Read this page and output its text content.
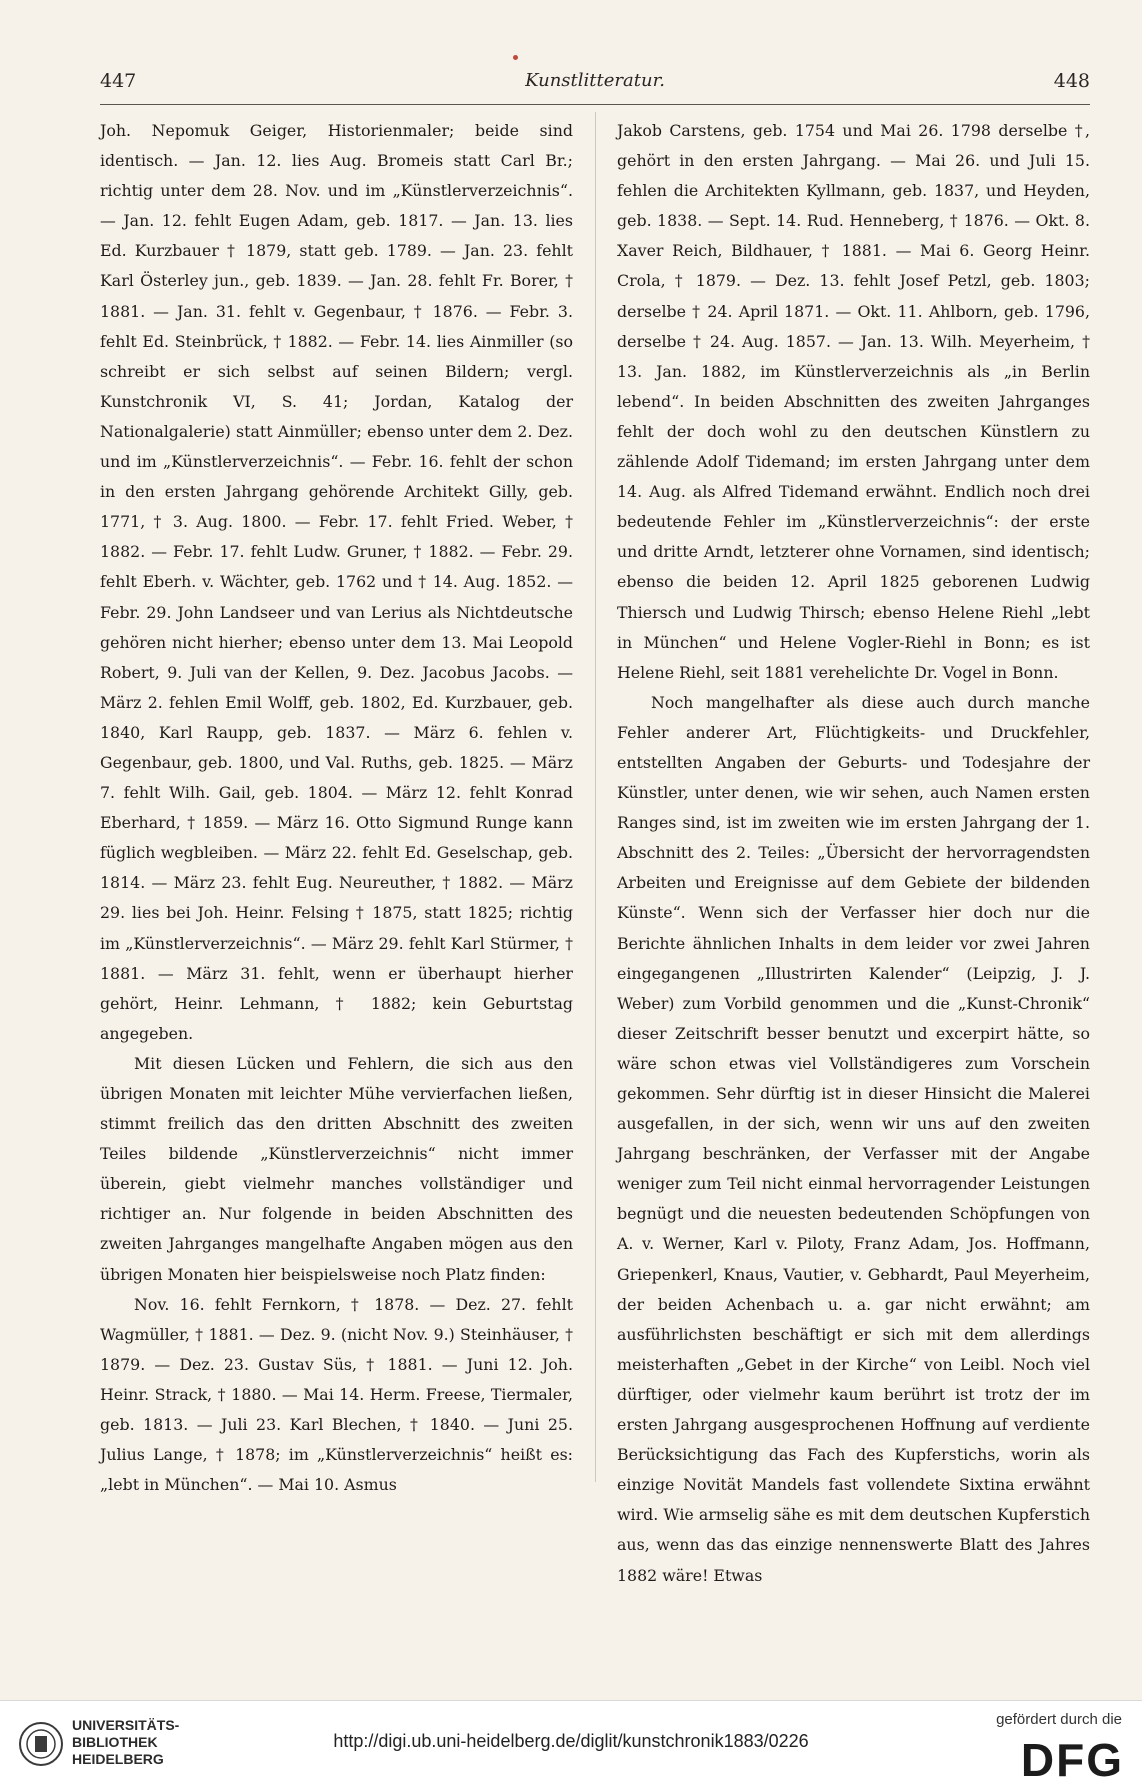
447	Kunstlitteratur.	448

Joh. Nepomuk Geiger, Historienmaler; beide sind identisch. — Jan. 12. lies Aug. Bromeis statt Carl Br.; richtig unter dem 28. Nov. und im „Künstlerverzeichnis“. — Jan. 12. fehlt Eugen Adam, geb. 1817. — Jan. 13. lies Ed. Kurzbauer † 1879, statt geb. 1789. — Jan. 23. fehlt Karl Österley jun., geb. 1839. — Jan. 28. fehlt Fr. Borer, † 1881. — Jan. 31. fehlt v. Gegenbaur, † 1876. — Febr. 3. fehlt Ed. Steinbrück, † 1882. — Febr. 14. lies Ainmiller (so schreibt er sich selbst auf seinen Bildern; vergl. Kunstchronik VI, S. 41; Jordan, Katalog der Nationalgalerie) statt Ainmüller; ebenso unter dem 2. Dez. und im „Künstlerverzeichnis“. — Febr. 16. fehlt der schon in den ersten Jahrgang gehörende Architekt Gilly, geb. 1771, † 3. Aug. 1800. — Febr. 17. fehlt Fried. Weber, † 1882. — Febr. 17. fehlt Ludw. Gruner, † 1882. — Febr. 29. fehlt Eberh. v. Wächter, geb. 1762 und † 14. Aug. 1852. — Febr. 29. John Landseer und van Lerius als Nichtdeutsche gehören nicht hierher; ebenso unter dem 13. Mai Leopold Robert, 9. Juli van der Kellen, 9. Dez. Jacobus Jacobs. — März 2. fehlen Emil Wolff, geb. 1802, Ed. Kurzbauer, geb. 1840, Karl Raupp, geb. 1837. — März 6. fehlen v. Gegenbaur, geb. 1800, und Val. Ruths, geb. 1825. — März 7. fehlt Wilh. Gail, geb. 1804. — März 12. fehlt Konrad Eberhard, † 1859. — März 16. Otto Sigmund Runge kann füglich wegbleiben. — März 22. fehlt Ed. Geselschap, geb. 1814. — März 23. fehlt Eug. Neureuther, † 1882. — März 29. lies bei Joh. Heinr. Felsing † 1875, statt 1825; richtig im „Künstlerverzeichnis“. — März 29. fehlt Karl Stürmer, † 1881. — März 31. fehlt, wenn er überhaupt hierher gehört, Heinr. Lehmann, † 1882; kein Geburtstag angegeben.

Mit diesen Lücken und Fehlern, die sich aus den übrigen Monaten mit leichter Mühe vervierfachen ließen, stimmt freilich das den dritten Abschnitt des zweiten Teiles bildende „Künstlerverzeichnis“ nicht immer überein, giebt vielmehr manches vollständiger und richtiger an. Nur folgende in beiden Abschnitten des zweiten Jahrganges mangelhafte Angaben mögen aus den übrigen Monaten hier beispielsweise noch Platz finden:

Nov. 16. fehlt Fernkorn, † 1878. — Dez. 27. fehlt Wagmüller, † 1881. — Dez. 9. (nicht Nov. 9.) Steinhäuser, † 1879. — Dez. 23. Gustav Süs, † 1881. — Juni 12. Joh. Heinr. Strack, † 1880. — Mai 14. Herm. Freese, Tiermaler, geb. 1813. — Juli 23. Karl Blechen, † 1840. — Juni 25. Julius Lange, † 1878; im „Künstlerverzeichnis“ heißt es: „lebt in München“. — Mai 10. Asmus

Jakob Carstens, geb. 1754 und Mai 26. 1798 derselbe †, gehört in den ersten Jahrgang. — Mai 26. und Juli 15. fehlen die Architekten Kyllmann, geb. 1837, und Heyden, geb. 1838. — Sept. 14. Rud. Henneberg, † 1876. — Okt. 8. Xaver Reich, Bildhauer, † 1881. — Mai 6. Georg Heinr. Crola, † 1879. — Dez. 13. fehlt Josef Petzl, geb. 1803; derselbe † 24. April 1871. — Okt. 11. Ahlborn, geb. 1796, derselbe † 24. Aug. 1857. — Jan. 13. Wilh. Meyerheim, † 13. Jan. 1882, im Künstlerverzeichnis als „in Berlin lebend“. In beiden Abschnitten des zweiten Jahrganges fehlt der doch wohl zu den deutschen Künstlern zu zählende Adolf Tidemand; im ersten Jahrgang unter dem 14. Aug. als Alfred Tidemand erwähnt. Endlich noch drei bedeutende Fehler im „Künstlerverzeichnis“: der erste und dritte Arndt, letzterer ohne Vornamen, sind identisch; ebenso die beiden 12. April 1825 geborenen Ludwig Thiersch und Ludwig Thirsch; ebenso Helene Riehl „lebt in München“ und Helene Vogler-Riehl in Bonn; es ist Helene Riehl, seit 1881 verehelichte Dr. Vogel in Bonn.

Noch mangelhafter als diese auch durch manche Fehler anderer Art, Flüchtigkeits- und Druckfehler, entstellten Angaben der Geburts- und Todesjahre der Künstler, unter denen, wie wir sehen, auch Namen ersten Ranges sind, ist im zweiten wie im ersten Jahrgang der 1. Abschnitt des 2. Teiles: „Übersicht der hervorragendsten Arbeiten und Ereignisse auf dem Gebiete der bildenden Künste“. Wenn sich der Verfasser hier doch nur die Berichte ähnlichen Inhalts in dem leider vor zwei Jahren eingegangenen „Illustrirten Kalender“ (Leipzig, J. J. Weber) zum Vorbild genommen und die „Kunst-Chronik“ dieser Zeitschrift besser benutzt und excerpirt hätte, so wäre schon etwas viel Vollständigeres zum Vorschein gekommen. Sehr dürftig ist in dieser Hinsicht die Malerei ausgefallen, in der sich, wenn wir uns auf den zweiten Jahrgang beschränken, der Verfasser mit der Angabe weniger zum Teil nicht einmal hervorragender Leistungen begnügt und die neuesten bedeutenden Schöpfungen von A. v. Werner, Karl v. Piloty, Franz Adam, Jos. Hoffmann, Griepenkerl, Knaus, Vautier, v. Gebhardt, Paul Meyerheim, der beiden Achenbach u. a. gar nicht erwähnt; am ausführlichsten beschäftigt er sich mit dem allerdings meisterhaften „Gebet in der Kirche“ von Leibl. Noch viel dürftiger, oder vielmehr kaum berührt ist trotz der im ersten Jahrgang ausgesprochenen Hoffnung auf verdiente Berücksichtigung das Fach des Kupferstichs, worin als einzige Novität Mandels fast vollendete Sixtina erwähnt wird. Wie armselig sähe es mit dem deutschen Kupferstich aus, wenn das das einzige nennenswerte Blatt des Jahres 1882 wäre! Etwas

UNIVERSITÄTS-
BIBLIOTHEK
HEIDELBERG
http://digi.ub.uni-heidelberg.de/diglit/kunstchronik1883/0226
gefördert durch die
DFG
